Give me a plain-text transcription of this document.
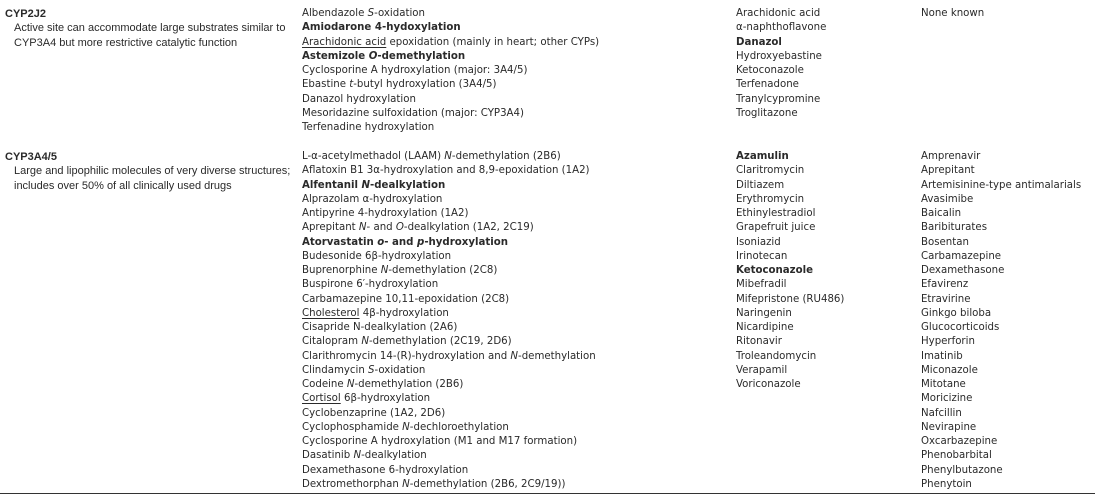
CYP2J2
Active site can accommodate large substrates similar to CYP3A4 but more restrictive catalytic function
Albendazole S-oxidation
Amiodarone 4-hydoxylation
Arachidonic acid epoxidation (mainly in heart; other CYPs)
Astemizole O-demethylation
Cyclosporine A hydroxylation (major: 3A4/5)
Ebastine t-butyl hydroxylation (3A4/5)
Danazol hydroxylation
Mesoridazine sulfoxidation (major: CYP3A4)
Terfenadine hydroxylation
Arachidonic acid
α-naphthoflavone
Danazol
Hydroxyebastine
Ketoconazole
Terfenadone
Tranylcypromine
Troglitazone
None known
CYP3A4/5
Large and lipophilic molecules of very diverse structures; includes over 50% of all clinically used drugs
L-α-acetylmethadol (LAAM) N-demethylation (2B6)
Aflatoxin B1 3α-hydroxylation and 8,9-epoxidation (1A2)
Alfentanil N-dealkylation
Alprazolam α-hydroxylation
Antipyrine 4-hydroxylation (1A2)
Aprepitant N- and O-dealkylation (1A2, 2C19)
Atorvastatin o- and p-hydroxylation
Budesonide 6β-hydroxylation
Buprenorphine N-demethylation (2C8)
Buspirone 6′-hydroxylation
Carbamazepine 10,11-epoxidation (2C8)
Cholesterol 4β-hydroxylation
Cisapride N-dealkylation (2A6)
Citalopram N-demethylation (2C19, 2D6)
Clarithromycin 14-(R)-hydroxylation and N-demethylation
Clindamycin S-oxidation
Codeine N-demethylation (2B6)
Cortisol 6β-hydroxylation
Cyclobenzaprine (1A2, 2D6)
Cyclophosphamide N-dechloroethylation
Cyclosporine A hydroxylation (M1 and M17 formation)
Dasatinib N-dealkylation
Dexamethasone 6-hydroxylation
Dextromethorphan N-demethylation (2B6, 2C9/19))
Azamulin
Claritromycin
Diltiazem
Erythromycin
Ethinylestradiol
Grapefruit juice
Isoniazid
Irinotecan
Ketoconazole
Mibefradil
Mifepristone (RU486)
Naringenin
Nicardipine
Ritonavir
Troleandomycin
Verapamil
Voriconazole
Amprenavir
Aprepitant
Artemisinine-type antimalarials
Avasimibe
Baicalin
Baribiturates
Bosentan
Carbamazepine
Dexamethasone
Efavirenz
Etravirine
Ginkgo biloba
Glucocorticoids
Hyperforin
Imatinib
Miconazole
Mitotane
Moricizine
Nafcillin
Nevirapine
Oxcarbazepine
Phenobarbital
Phenylbutazone
Phenytoin
